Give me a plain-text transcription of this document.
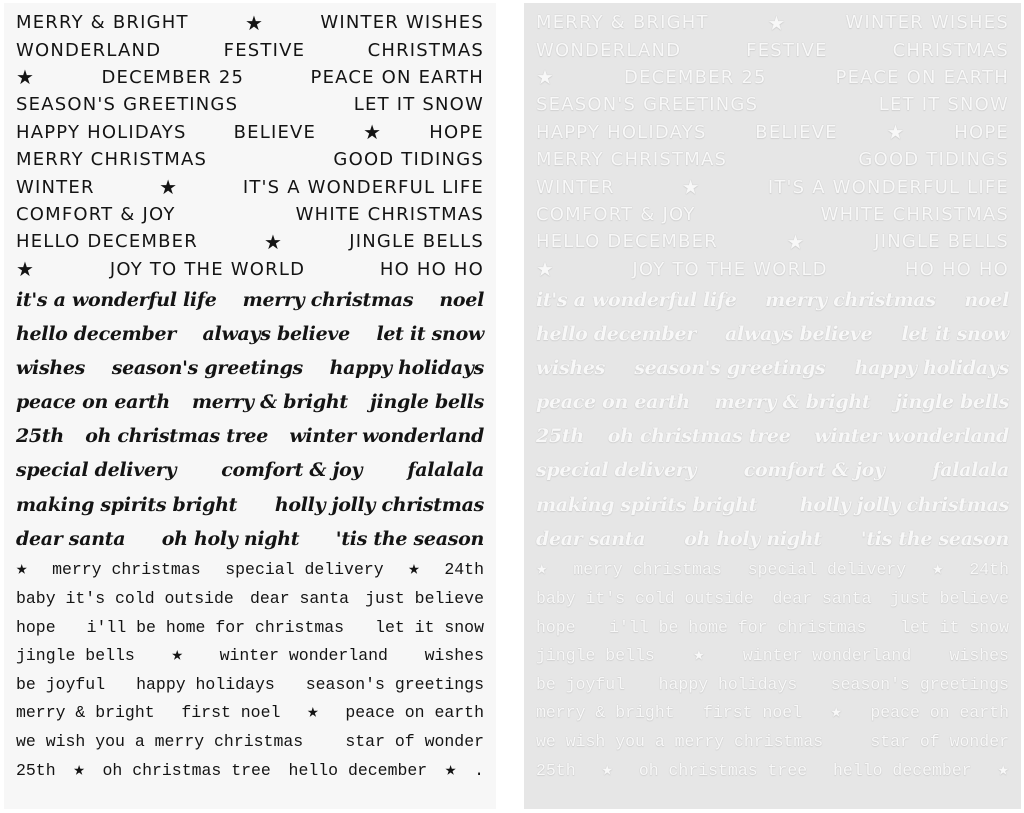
MERRY & BRIGHT	★	WINTER WISHES
WONDERLAND	FESTIVE	CHRISTMAS
★	DECEMBER 25	PEACE ON EARTH
SEASON'S GREETINGS	LET IT SNOW
HAPPY HOLIDAYS	BELIEVE ★	HOPE
MERRY CHRISTMAS	GOOD TIDINGS
WINTER	★	IT'S A WONDERFUL LIFE
COMFORT & JOY	WHITE CHRISTMAS
HELLO DECEMBER	★	JINGLE BELLS
★	JOY TO THE WORLD	HO HO HO
it's a wonderful life merry christmas noel
hello december always believe let it snow
wishes season's greetings happy holidays
peace on earth merry & bright jingle bells
25th oh christmas tree winter wonderland
special delivery comfort & joy falalala
making spirits bright holly jolly christmas
dear santa oh holy night 'tis the season
★ merry christmas special delivery ★ 24th
baby it's cold outside dear santa just believe
hope i'll be home for christmas let it snow
jingle bells ★ winter wonderland wishes
be joyful happy holidays season's greetings
merry & bright first noel ★ peace on earth
we wish you a merry christmas	star of wonder
25th ★ oh christmas tree hello december ★ .
MERRY & BRIGHT	★	WINTER WISHES
WONDERLAND	FESTIVE	CHRISTMAS
★	DECEMBER 25	PEACE ON EARTH
SEASON'S GREETINGS	LET IT SNOW
HAPPY HOLIDAYS	BELIEVE ★	HOPE
MERRY CHRISTMAS	GOOD TIDINGS
WINTER	★	IT'S A WONDERFUL LIFE
COMFORT & JOY	WHITE CHRISTMAS
HELLO DECEMBER	★	JINGLE BELLS
★	JOY TO THE WORLD	HO HO HO
it's a wonderful life merry christmas noel
hello december always believe let it snow
wishes season's greetings happy holidays
peace on earth merry & bright jingle bells
25th oh christmas tree winter wonderland
special delivery	comfort & joy	falalala
making spirits bright holly jolly christmas
dear santa oh holy night 'tis the season
★ merry christmas special delivery ★ 24th
baby it's cold outside dear santa just believe
hope i'll be home for christmas let it snow
jingle bells ★ winter wonderland wishes
be joyful happy holidays season's greetings
merry & bright first noel ★ peace on earth
we wish you a merry christmas	star of wonder
25th ★ oh christmas tree hello december ★
